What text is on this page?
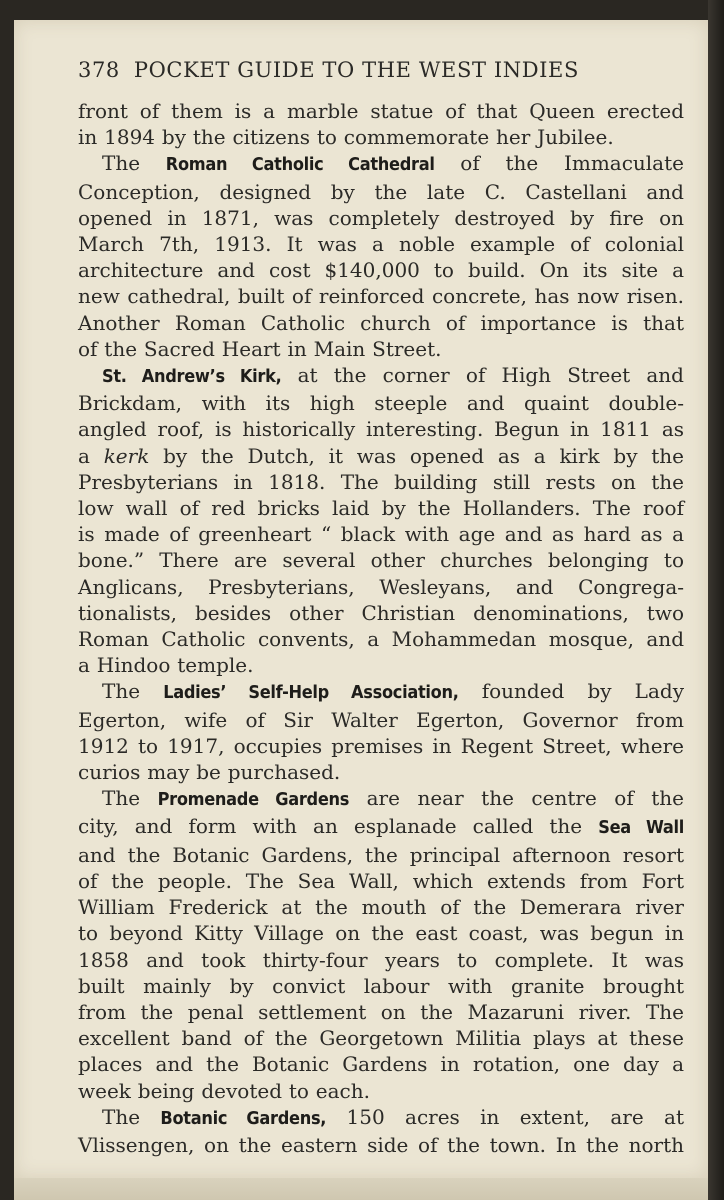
378 POCKET GUIDE TO THE WEST INDIES
front of them is a marble statue of that Queen erected
in 1894 by the citizens to commemorate her Jubilee.
The Roman Catholic Cathedral of the Immaculate
Conception, designed by the late C. Castellani and
opened in 1871, was completely destroyed by fire on
March 7th, 1913. It was a noble example of colonial
architecture and cost $140,000 to build. On its site a
new cathedral, built of reinforced concrete, has now risen.
Another Roman Catholic church of importance is that
of the Sacred Heart in Main Street.
St. Andrew’s Kirk, at the corner of High Street and
Brickdam, with its high steeple and quaint double-
angled roof, is historically interesting. Begun in 1811 as
a kerk by the Dutch, it was opened as a kirk by the
Presbyterians in 1818. The building still rests on the
low wall of red bricks laid by the Hollanders. The roof
is made of greenheart “ black with age and as hard as a
bone.” There are several other churches belonging to
Anglicans, Presbyterians, Wesleyans, and Congrega-
tionalists, besides other Christian denominations, two
Roman Catholic convents, a Mohammedan mosque, and
a Hindoo temple.
The Ladies’ Self-Help Association, founded by Lady
Egerton, wife of Sir Walter Egerton, Governor from
1912 to 1917, occupies premises in Regent Street, where
curios may be purchased.
The Promenade Gardens are near the centre of the
city, and form with an esplanade called the Sea Wall
and the Botanic Gardens, the principal afternoon resort
of the people. The Sea Wall, which extends from Fort
William Frederick at the mouth of the Demerara river
to beyond Kitty Village on the east coast, was begun in
1858 and took thirty-four years to complete. It was
built mainly by convict labour with granite brought
from the penal settlement on the Mazaruni river. The
excellent band of the Georgetown Militia plays at these
places and the Botanic Gardens in rotation, one day a
week being devoted to each.
The Botanic Gardens, 150 acres in extent, are at
Vlissengen, on the eastern side of the town. In the north
